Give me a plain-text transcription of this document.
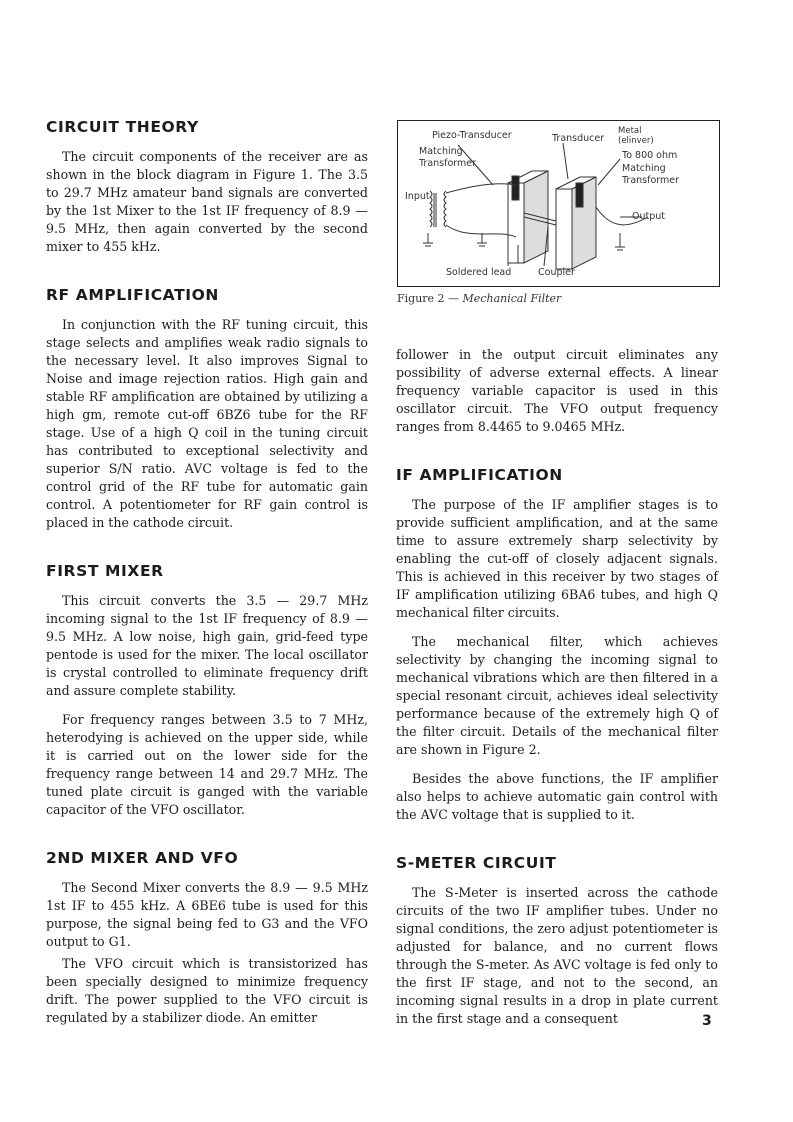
CIRCUIT THEORY

The circuit components of the receiver are as shown in the block diagram in Figure 1. The 3.5 to 29.7 MHz amateur band signals are converted by the 1st Mixer to the 1st IF frequency of 8.9 — 9.5 MHz, then again converted by the second mixer to 455 kHz.

RF AMPLIFICATION

In conjunction with the RF tuning circuit, this stage selects and amplifies weak radio signals to the necessary level. It also improves Signal to Noise and image rejection ratios. High gain and stable RF amplification are obtained by utilizing a high gm, remote cut-off 6BZ6 tube for the RF stage. Use of a high Q coil in the tuning circuit has contributed to exceptional selectivity and superior S/N ratio. AVC voltage is fed to the control grid of the RF tube for automatic gain control. A potentiometer for RF gain control is placed in the cathode circuit.

FIRST MIXER

This circuit converts the 3.5 — 29.7 MHz incoming signal to the 1st IF frequency of 8.9 — 9.5 MHz. A low noise, high gain, grid-feed type pentode is used for the mixer. The local oscillator is crystal controlled to eliminate frequency drift and assure complete stability.

For frequency ranges between 3.5 to 7 MHz, heterodying is achieved on the upper side, while it is carried out on the lower side for the frequency range between 14 and 29.7 MHz. The tuned plate circuit is ganged with the variable capacitor of the VFO oscillator.

2ND MIXER AND VFO

The Second Mixer converts the 8.9 — 9.5 MHz 1st IF to 455 kHz. A 6BE6 tube is used for this purpose, the signal being fed to G3 and the VFO output to G1.

The VFO circuit which is transistorized has been specially designed to minimize frequency drift. The power supplied to the VFO circuit is regulated by a stabilizer diode. An emitter

Piezo-Transducer	Transducer
Metal
(elinver)
To 800 ohm
Matching
Transformer
Matching
Transformer
Input
Output
Soldered lead	Coupler
Figure 2 — Mechanical Filter

follower in the output circuit eliminates any possibility of adverse external effects. A linear frequency variable capacitor is used in this oscillator circuit. The VFO output frequency ranges from 8.4465 to 9.0465 MHz.

IF AMPLIFICATION

The purpose of the IF amplifier stages is to provide sufficient amplification, and at the same time to assure extremely sharp selectivity by enabling the cut-off of closely adjacent signals. This is achieved in this receiver by two stages of IF amplification utilizing 6BA6 tubes, and high Q mechanical filter circuits.

The mechanical filter, which achieves selectivity by changing the incoming signal to mechanical vibrations which are then filtered in a special resonant circuit, achieves ideal selectivity performance because of the extremely high Q of the filter circuit. Details of the mechanical filter are shown in Figure 2.

Besides the above functions, the IF amplifier also helps to achieve automatic gain control with the AVC voltage that is supplied to it.

S-METER CIRCUIT

The S-Meter is inserted across the cathode circuits of the two IF amplifier tubes. Under no signal conditions, the zero adjust potentiometer is adjusted for balance, and no current flows through the S-meter. As AVC voltage is fed only to the first IF stage, and not to the second, an incoming signal results in a drop in plate current in the first stage and a consequent	3
